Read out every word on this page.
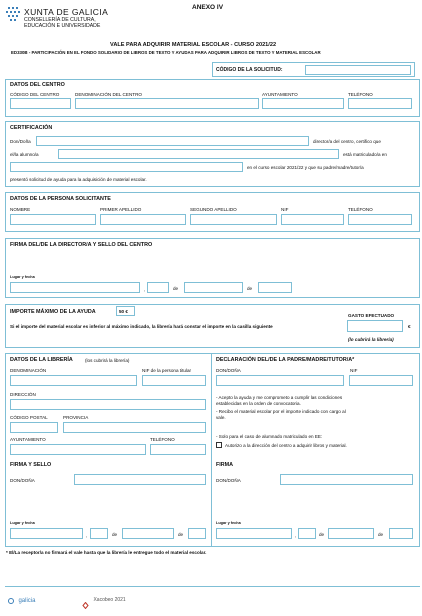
XUNTA DE GALICIA
CONSELLERÍA DE CULTURA,
EDUCACIÓN E UNIVERSIDADE
ANEXO IV
VALE PARA ADQUIRIR MATERIAL ESCOLAR - CURSO 2021/22
ED330B - PARTICIPACIÓN EN EL FONDO SOLIDARIO DE LIBROS DE TEXTO Y AYUDAS PARA ADQUIRIR LIBROS DE TEXTO Y MATERIAL ESCOLAR
CÓDIGO DE LA SOLICITUD:
DATOS DEL CENTRO
CÓDIGO DEL CENTRO	DENOMINACIÓN DEL CENTRO	AYUNTAMIENTO	TELÉFONO
CERTIFICACIÓN
Don/Doña	director/a del centro, certifico que
el/la alumno/a	está matriculado/a en
en el curso escolar 2021/22 y que su padre/madre/tutor/a
presentó solicitud de ayuda para la adquisición de material escolar.
DATOS DE LA PERSONA SOLICITANTE
NOMBRE	PRIMER APELLIDO	SEGUNDO APELLIDO	NIF	TELÉFONO
FIRMA DEL/DE LA DIRECTOR/A Y SELLO DEL CENTRO
Lugar y fecha
,	de	de
IMPORTE MÁXIMO DE LA AYUDA	50 €
Si el importe del material escolar es inferior al máximo indicado, la librería hará constar el importe en la casilla siguiente
GASTO EFECTUADO
€
(lo cubrirá la librería)
DATOS DE LA LIBRERÍA	(los cubrirá la librería)
DENOMINACIÓN	NIF de la persona titular
DIRECCIÓN
CÓDIGO POSTAL	PROVINCIA
AYUNTAMIENTO	TELÉFONO
FIRMA Y SELLO
DON/DOÑA
Lugar y fecha
,	de	de
DECLARACIÓN DEL/DE LA PADRE/MADRE/TUTOR/A*
DON/DOÑA	NIF
- Acepto la ayuda y me comprometo a cumplir las condiciones
establecidas en la orden de convocatoria.
- Recibo el material escolar por el importe indicado con cargo al
vale.
- Solo para el caso de alumnado matriculado en EE:
Autorizo a la dirección del centro a adquirir libros y material.
FIRMA
DON/DOÑA
Lugar y fecha
,	de	de
* El/La receptor/a no firmará el vale hasta que la librería le entregue todo el material escolar.
galicia	Xacobeo 2021
